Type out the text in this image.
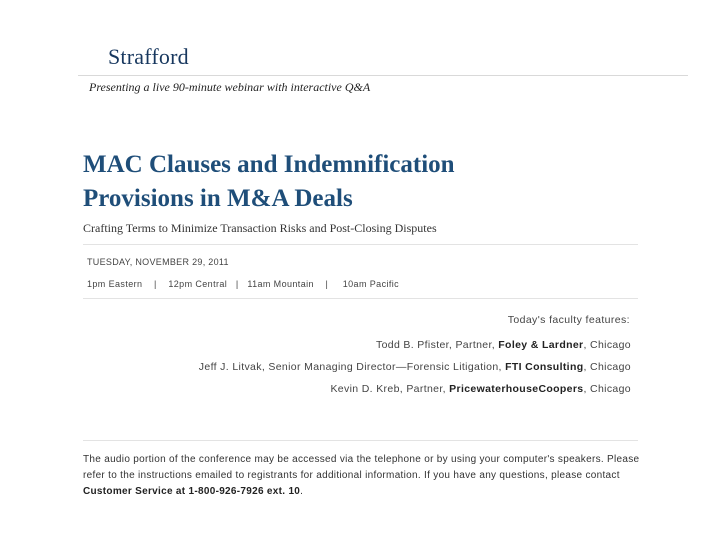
Strafford
Presenting a live 90-minute webinar with interactive Q&A
MAC Clauses and Indemnification
Provisions in M&A Deals
Crafting Terms to Minimize Transaction Risks and Post-Closing Disputes
TUESDAY, NOVEMBER 29, 2011
1pm Eastern    |    12pm Central   |   11am Mountain    |     10am Pacific
Today's faculty features:
Todd B. Pfister, Partner, Foley & Lardner, Chicago
Jeff J. Litvak, Senior Managing Director—Forensic Litigation, FTI Consulting, Chicago
Kevin D. Kreb, Partner, PricewaterhouseCoopers, Chicago
The audio portion of the conference may be accessed via the telephone or by using your computer's speakers. Please refer to the instructions emailed to registrants for additional information. If you have any questions, please contact Customer Service at 1-800-926-7926 ext. 10.
